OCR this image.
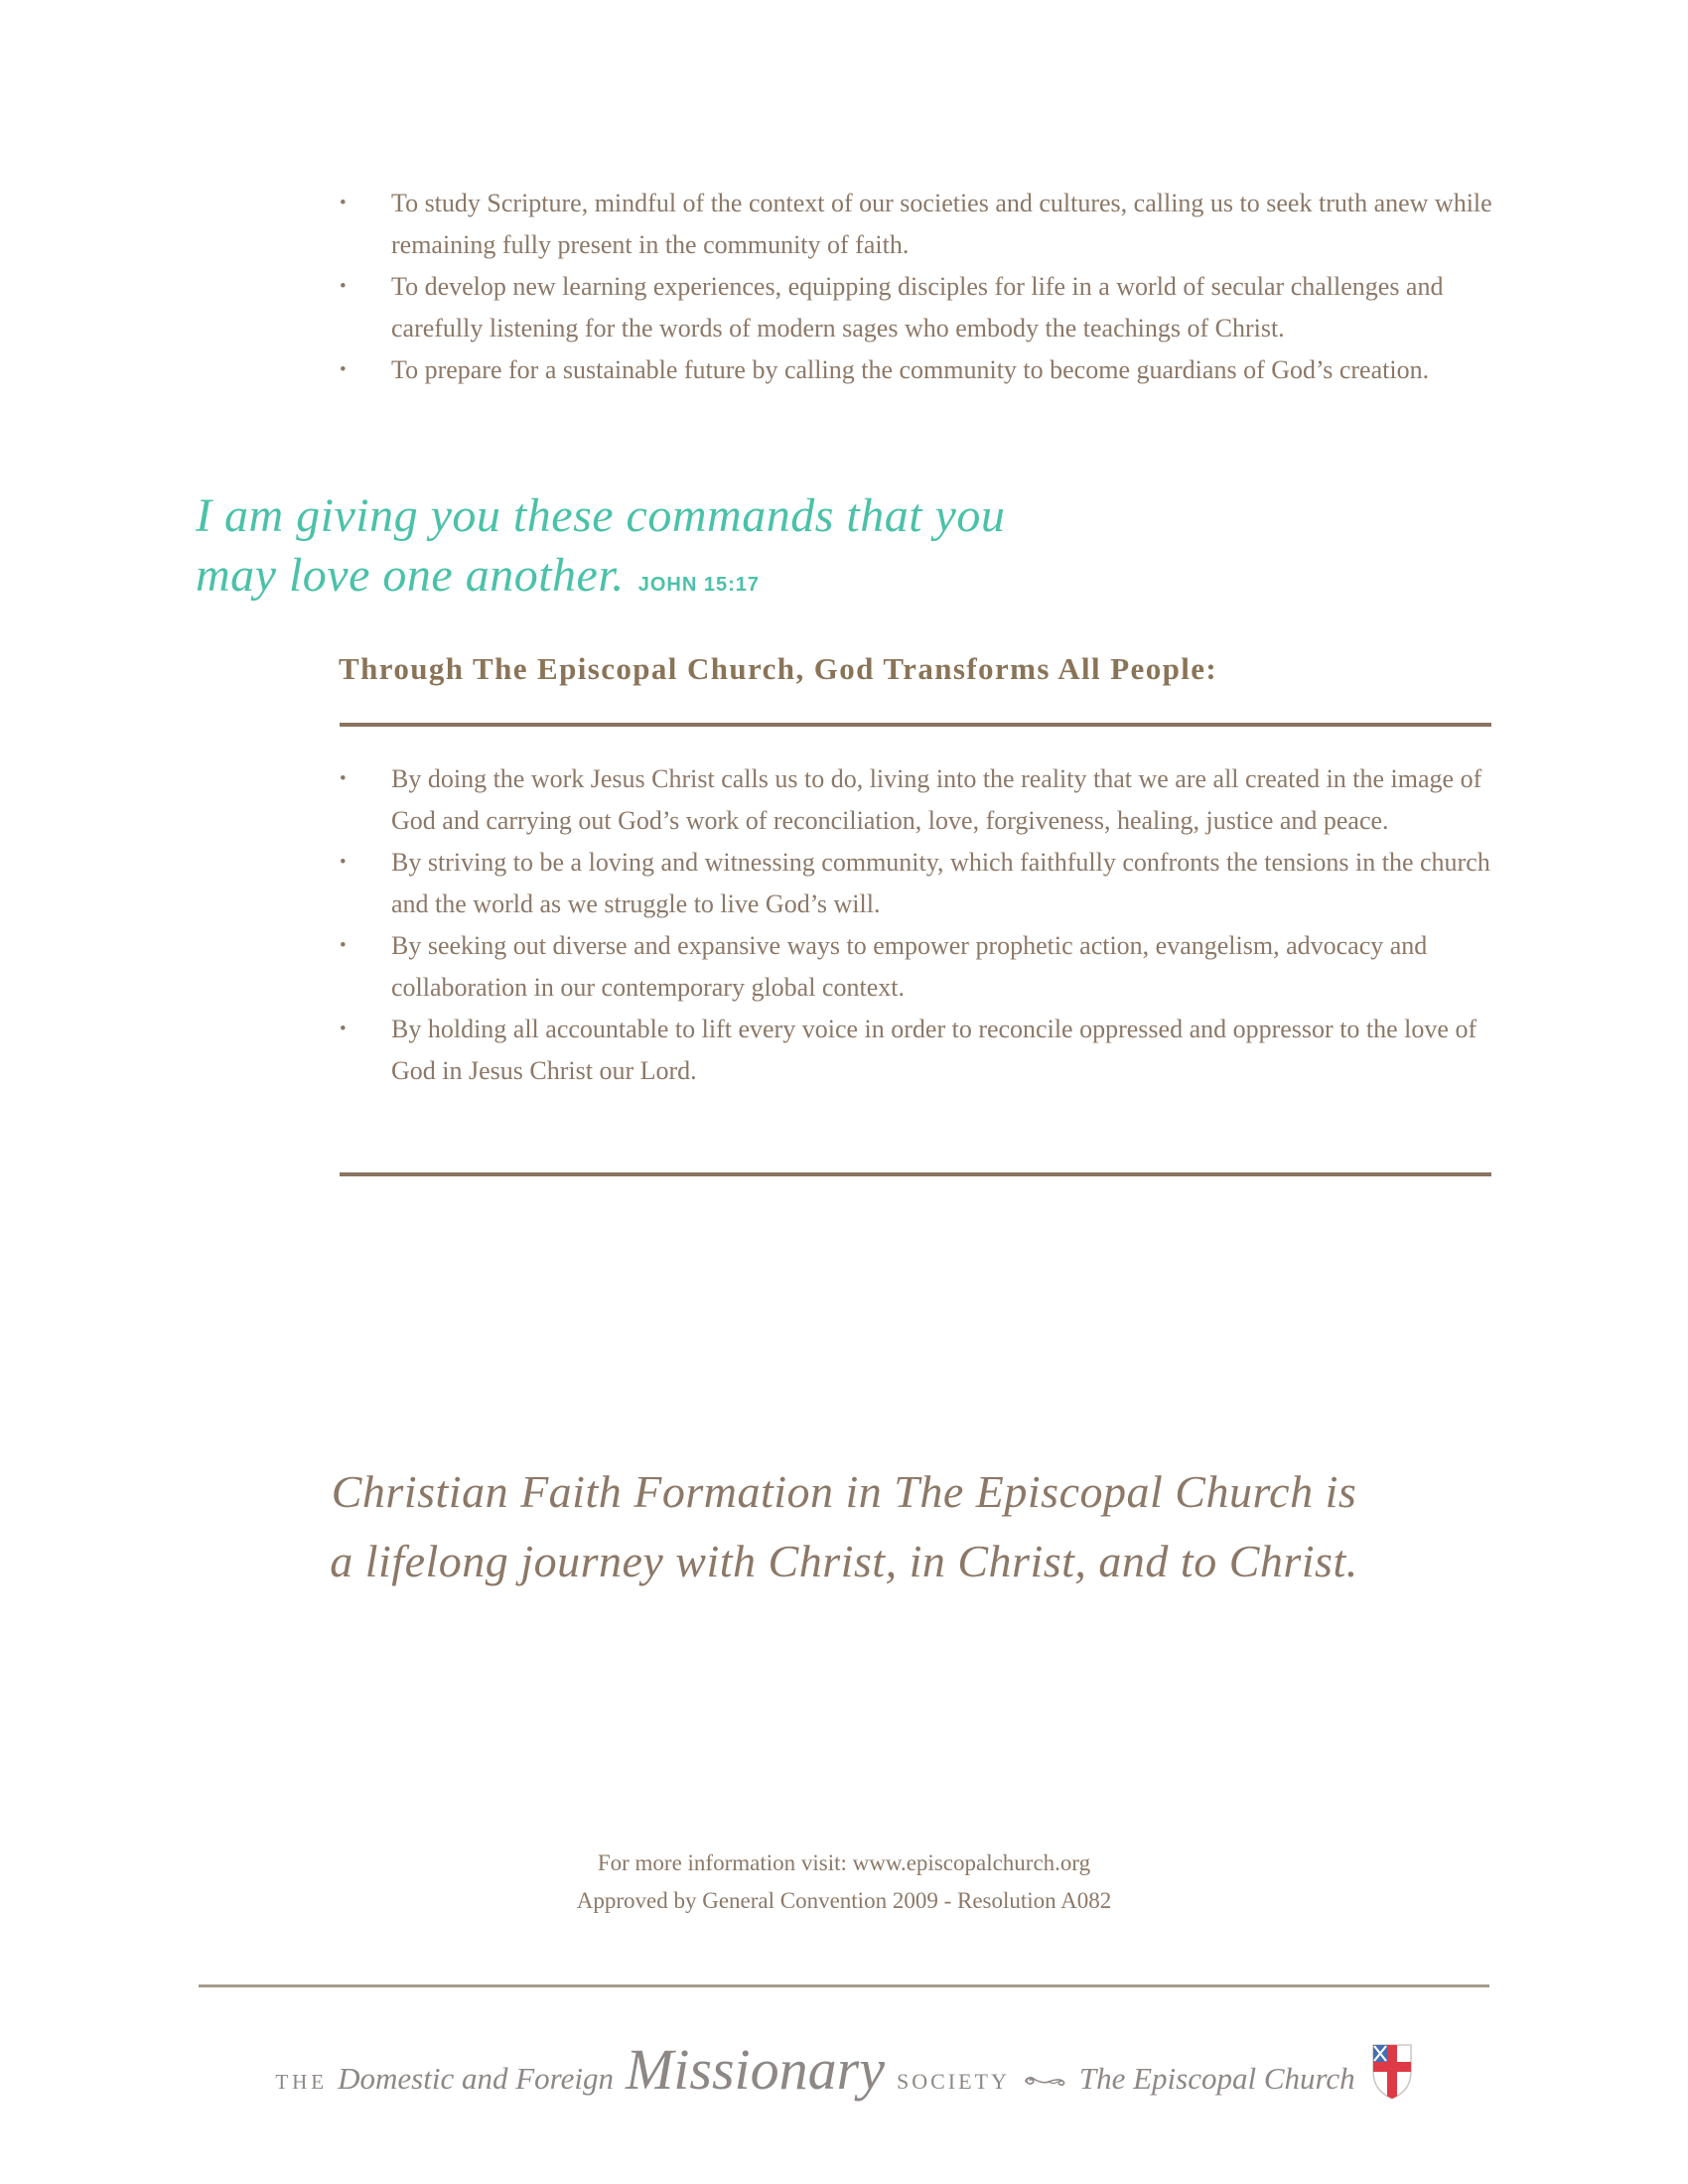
•	To study Scripture, mindful of the context of our societies and cultures, calling us to seek truth anew while remaining fully present in the community of faith.
•	To develop new learning experiences, equipping disciples for life in a world of secular challenges and carefully listening for the words of modern sages who embody the teachings of Christ.
•	To prepare for a sustainable future by calling the community to become guardians of God’s creation.
I am giving you these commands that you
may love one another. JOHN 15:17
Through The Episcopal Church, God Transforms All People:
•	By doing the work Jesus Christ calls us to do, living into the reality that we are all created in the image of God and carrying out God’s work of reconciliation, love, forgiveness, healing, justice and peace.
•	By striving to be a loving and witnessing community, which faithfully confronts the tensions in the church and the world as we struggle to live God’s will.
•	By seeking out diverse and expansive ways to empower prophetic action, evangelism, advocacy and collaboration in our contemporary global context.
•	By holding all accountable to lift every voice in order to reconcile oppressed and oppressor to the love of God in Jesus Christ our Lord.
Christian Faith Formation in The Episcopal Church is
a lifelong journey with Christ, in Christ, and to Christ.
For more information visit: www.episcopalchurch.org
Approved by General Convention 2009 - Resolution A082
THE Domestic and Foreign Missionary SOCIETY The Episcopal Church
